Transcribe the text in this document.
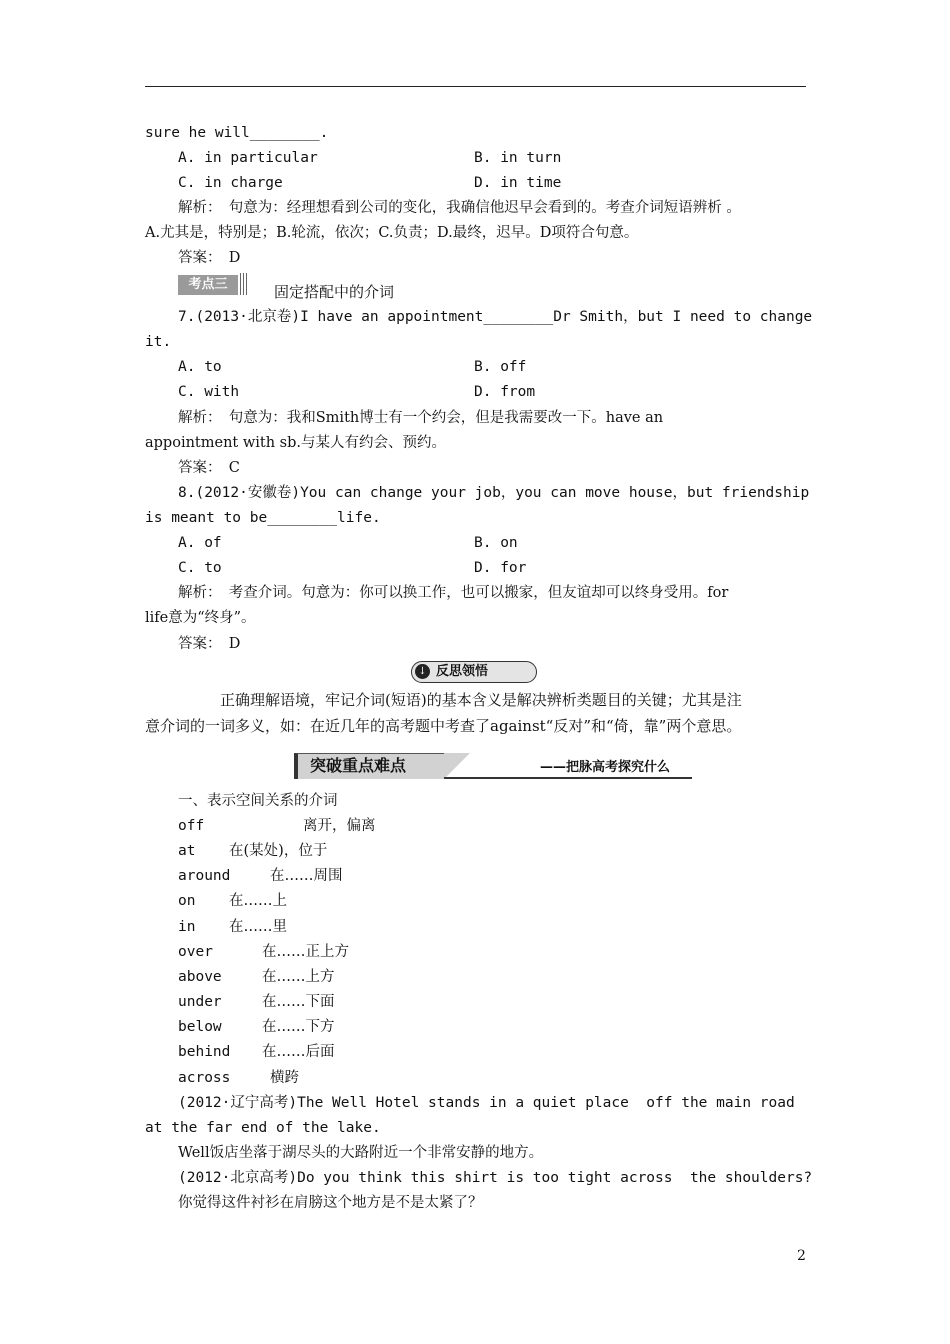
sure he will________.
A. in particular	B. in turn
C. in charge	D. in time
解析：　句意为：经理想看到公司的变化，我确信他迟早会看到的。考查介词短语辨析 。
A.尤其是，特别是；B.轮流，依次；C.负责；D.最终，迟早。D项符合句意。
答案：　D
考点三	固定搭配中的介词
7.(2013·北京卷)I have an appointment________Dr Smith，but I need to change
it.
A. to	B. off
C. with	D. from
解析：　句意为：我和Smith博士有一个约会，但是我需要改一下。have an
appointment with sb.与某人有约会、预约。
答案：　C
8.(2012·安徽卷)You can change your job，you can move house，but friendship
is meant to be________life.
A. of	B. on
C. to	D. for
解析：　考查介词。句意为：你可以换工作，也可以搬家，但友谊却可以终身受用。for
life意为“终身”。
答案：　D
↓ 反思领悟
正确理解语境，牢记介词(短语)的基本含义是解决辨析类题目的关键；尤其是注
意介词的一词多义，如：在近几年的高考题中考查了against“反对”和“倚，靠”两个意思。
突破重点难点	——把脉高考探究什么
一、表示空间关系的介词
off	离开，偏离
at 在(某处)，位于
around	在……周围
on 在……上
in 在……里
over	在……正上方
above	在……上方
under	在……下面
below	在……下方
behind 在……后面
across	横跨
(2012·辽宁高考)The Well Hotel stands in a quiet place  off the main road
at the far end of the lake.
Well饭店坐落于湖尽头的大路附近一个非常安静的地方。
(2012·北京高考)Do you think this shirt is too tight across  the shoulders?
你觉得这件衬衫在肩膀这个地方是不是太紧了？
2
